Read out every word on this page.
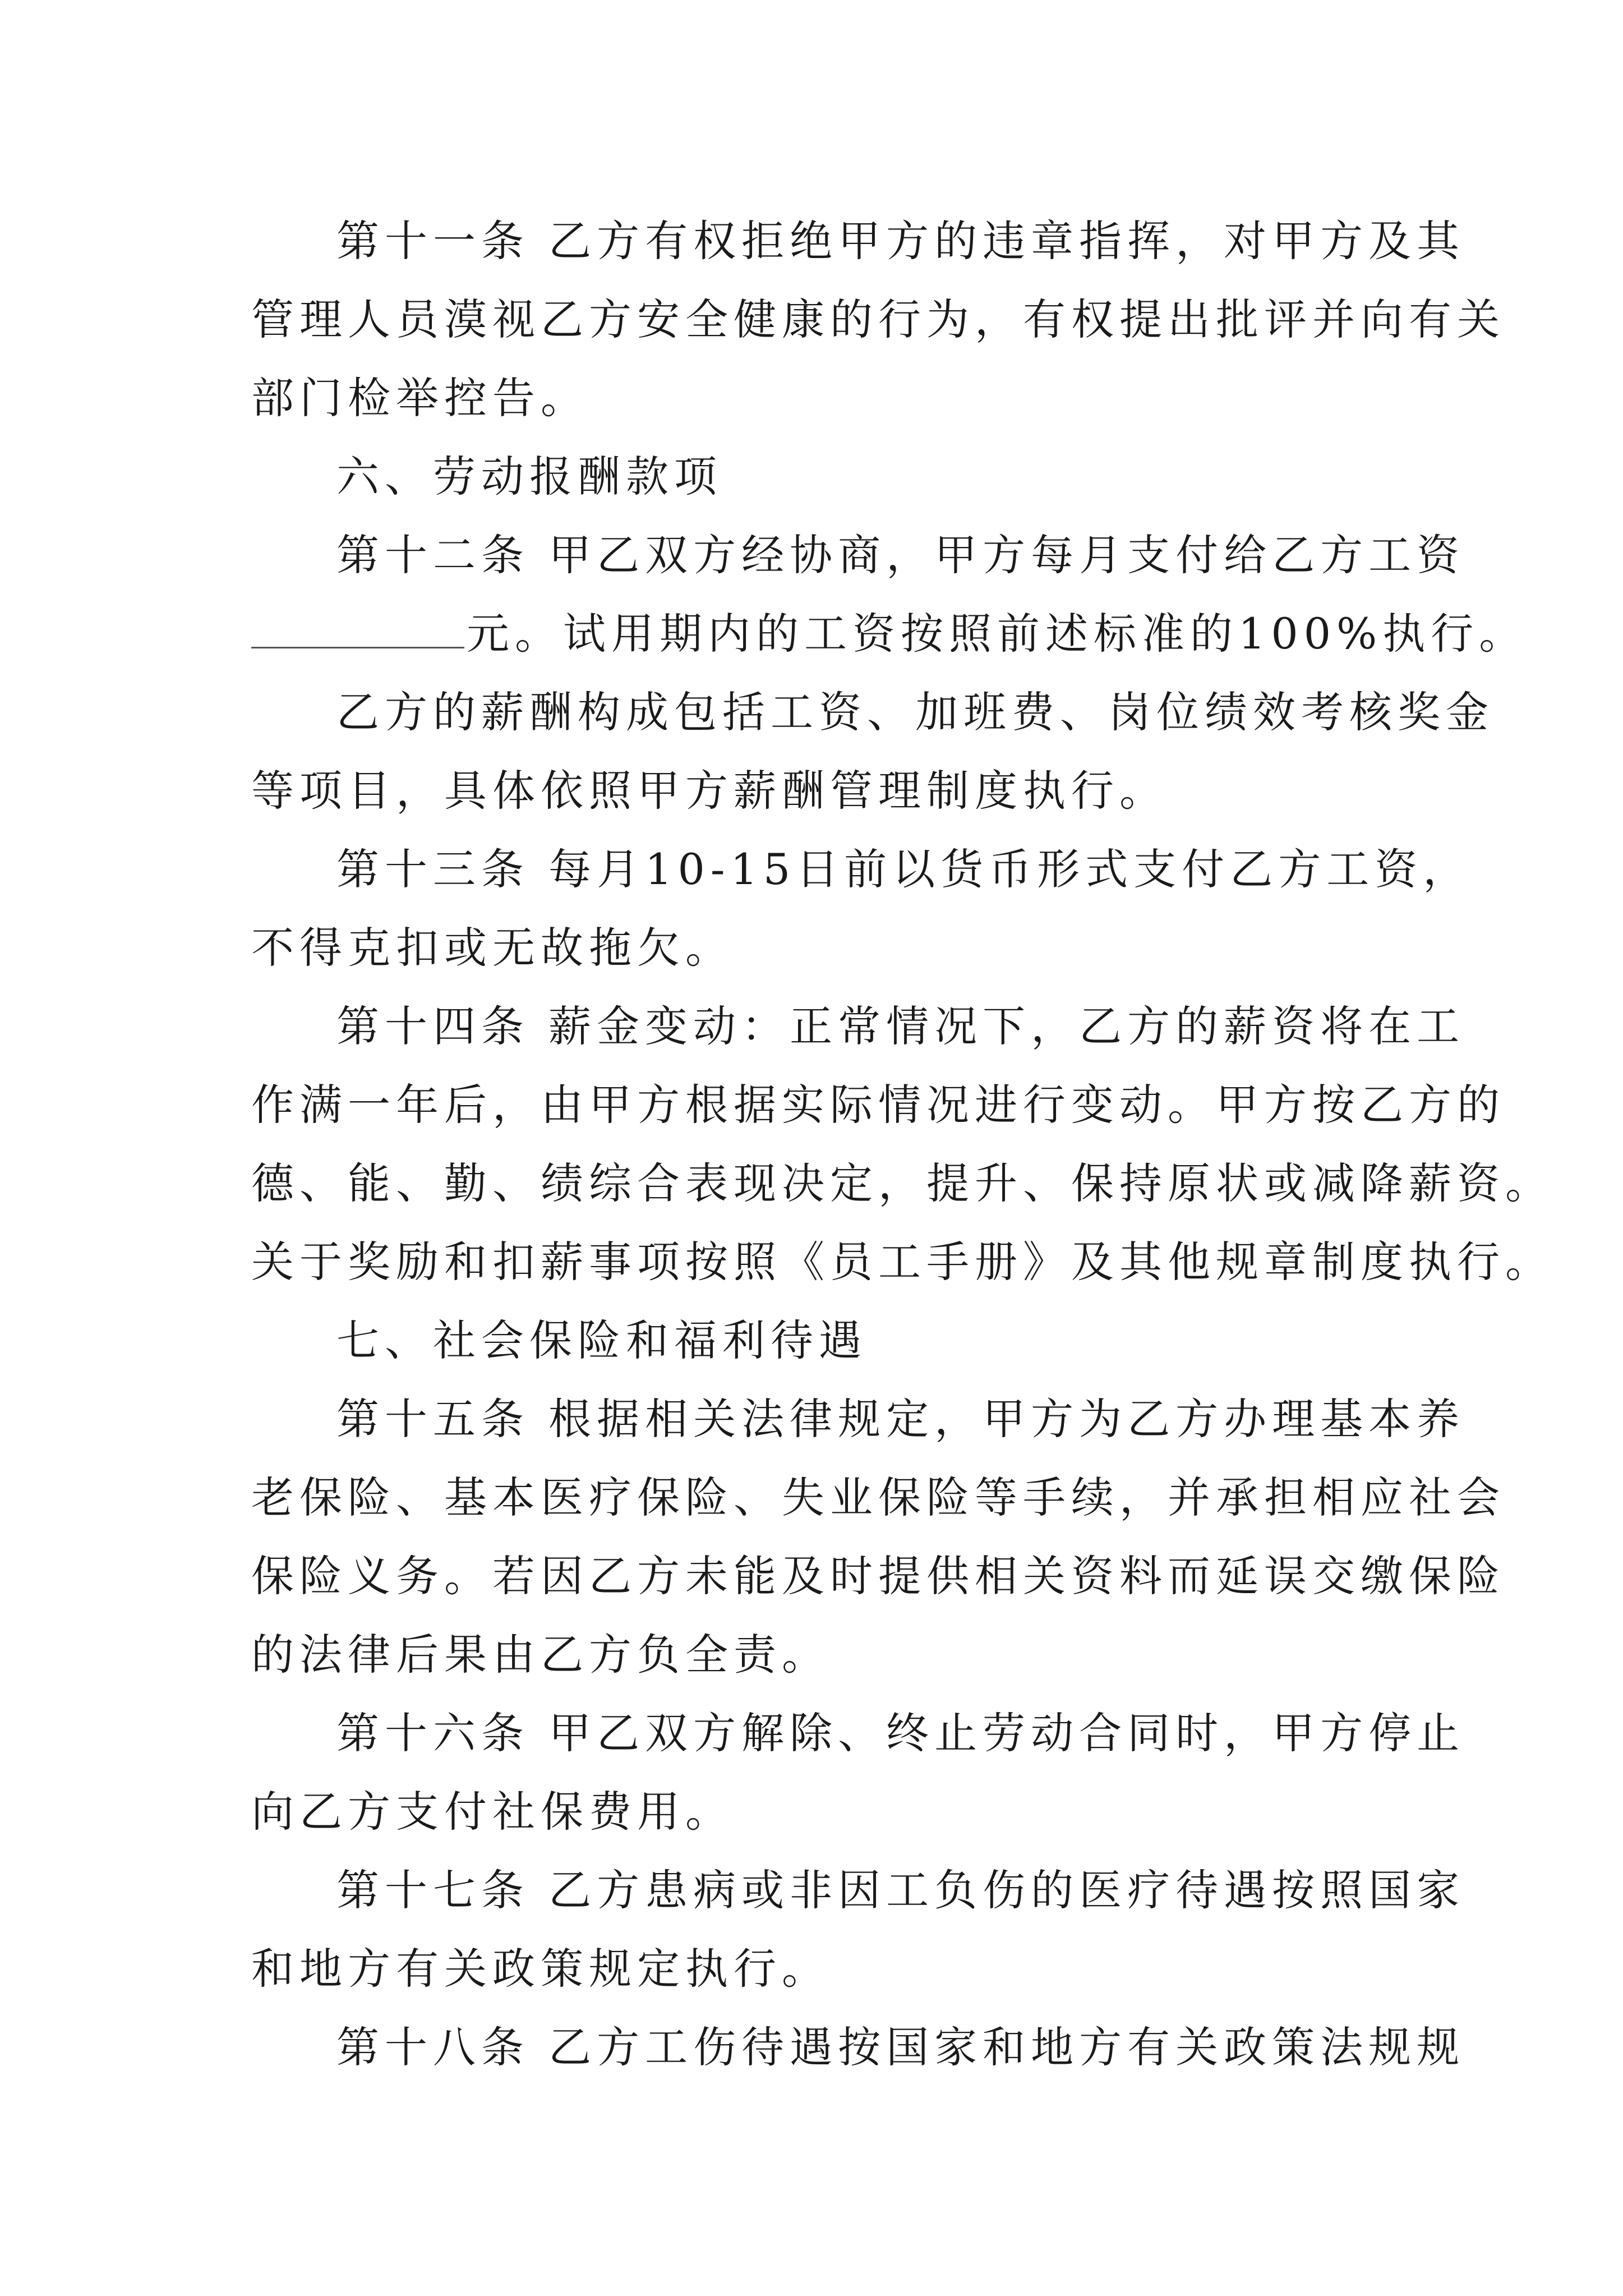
第十一条 乙方有权拒绝甲方的违章指挥，对甲方及其
管理人员漠视乙方安全健康的行为，有权提出批评并向有关
部门检举控告。
六、劳动报酬款项
第十二条 甲乙双方经协商，甲方每月支付给乙方工资
元。试用期内的工资按照前述标准的100%执行。
乙方的薪酬构成包括工资、加班费、岗位绩效考核奖金
等项目，具体依照甲方薪酬管理制度执行。
第十三条 每月10-15日前以货币形式支付乙方工资，
不得克扣或无故拖欠。
第十四条 薪金变动：正常情况下，乙方的薪资将在工
作满一年后，由甲方根据实际情况进行变动。甲方按乙方的
德、能、勤、绩综合表现决定，提升、保持原状或减降薪资。
关于奖励和扣薪事项按照《员工手册》及其他规章制度执行。
七、社会保险和福利待遇
第十五条 根据相关法律规定，甲方为乙方办理基本养
老保险、基本医疗保险、失业保险等手续，并承担相应社会
保险义务。若因乙方未能及时提供相关资料而延误交缴保险
的法律后果由乙方负全责。
第十六条 甲乙双方解除、终止劳动合同时，甲方停止
向乙方支付社保费用。
第十七条 乙方患病或非因工负伤的医疗待遇按照国家
和地方有关政策规定执行。
第十八条 乙方工伤待遇按国家和地方有关政策法规规
